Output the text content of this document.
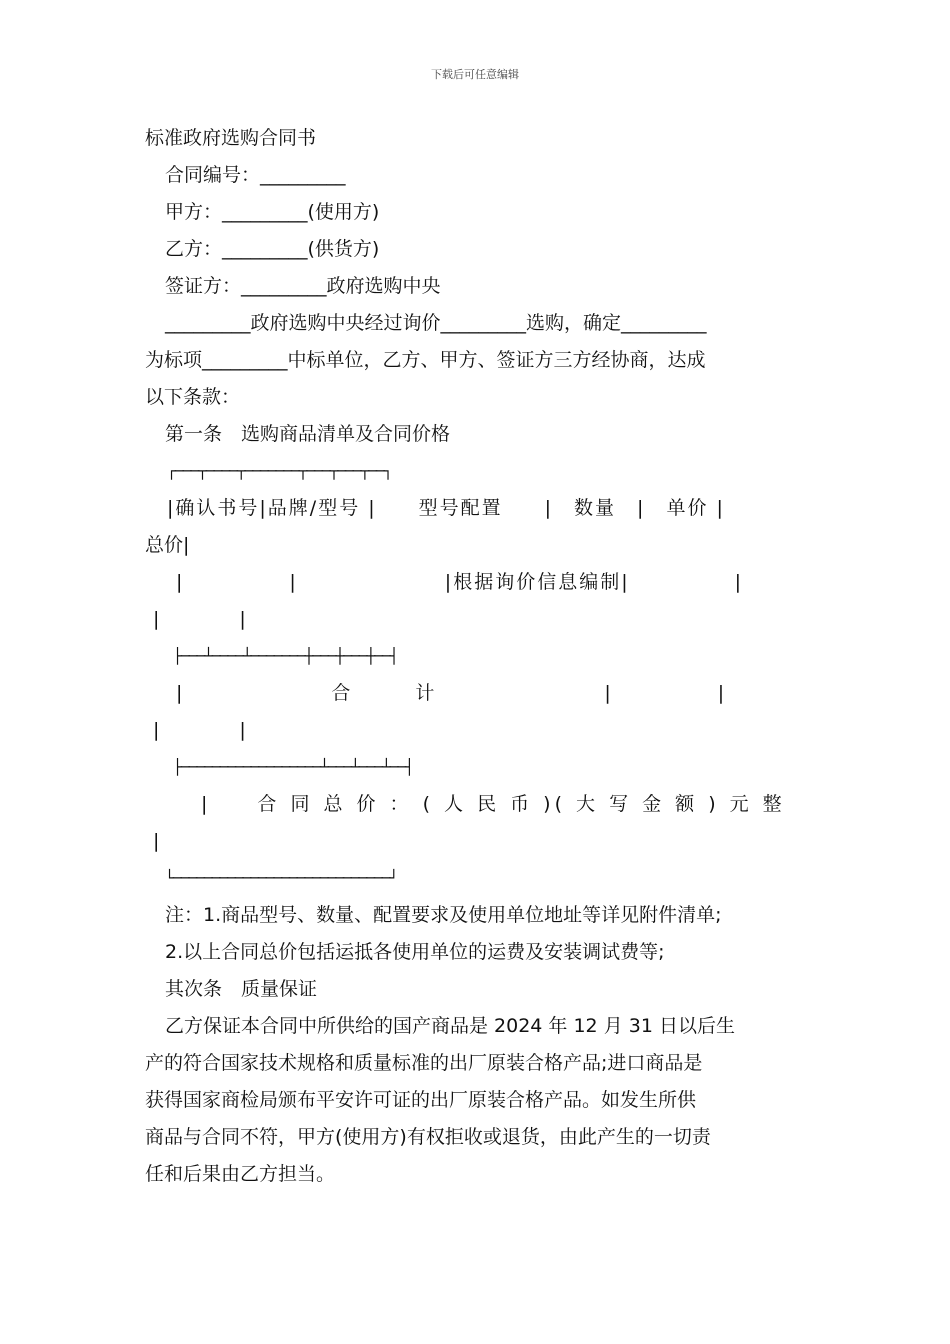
下载后可任意编辑
标准政府选购合同书
合同编号：_________
甲方：_________(使用方)
乙方：_________(供货方)
签证方：_________政府选购中央
_________政府选购中央经过询价_________选购，确定_________
为标项_________中标单位，乙方、甲方、签证方三方经协商，达成
以下条款：
第一条　选购商品清单及合同价格
┌───┬────┬───────┬───┬───┬──┐
|确认书号|品牌/型号 |　　型号配置　　|　数量　|　单价 |
总价|
　|　　　　　|　　　　　　　|根据询价信息编制|　　　　　|
|　　|
├───┴────┴───────┼───┼───┼──┤
　|　　　　　　　合　　　计　　　　　　　　|　　　　　|
|　　|
├──────────────────┴───┴───┴──┤
　　|　　合 同 总 价 ： ( 人 民 币 )( 大 写 金 额 ) 元 整
|
└────────────────────────────┘
注：1.商品型号、数量、配置要求及使用单位地址等详见附件清单;
2.以上合同总价包括运抵各使用单位的运费及安装调试费等;
其次条　质量保证
乙方保证本合同中所供给的国产商品是 2024 年 12 月 31 日以后生
产的符合国家技术规格和质量标准的出厂原装合格产品;进口商品是
获得国家商检局颁布平安许可证的出厂原装合格产品。如发生所供
商品与合同不符，甲方(使用方)有权拒收或退货，由此产生的一切责
任和后果由乙方担当。
